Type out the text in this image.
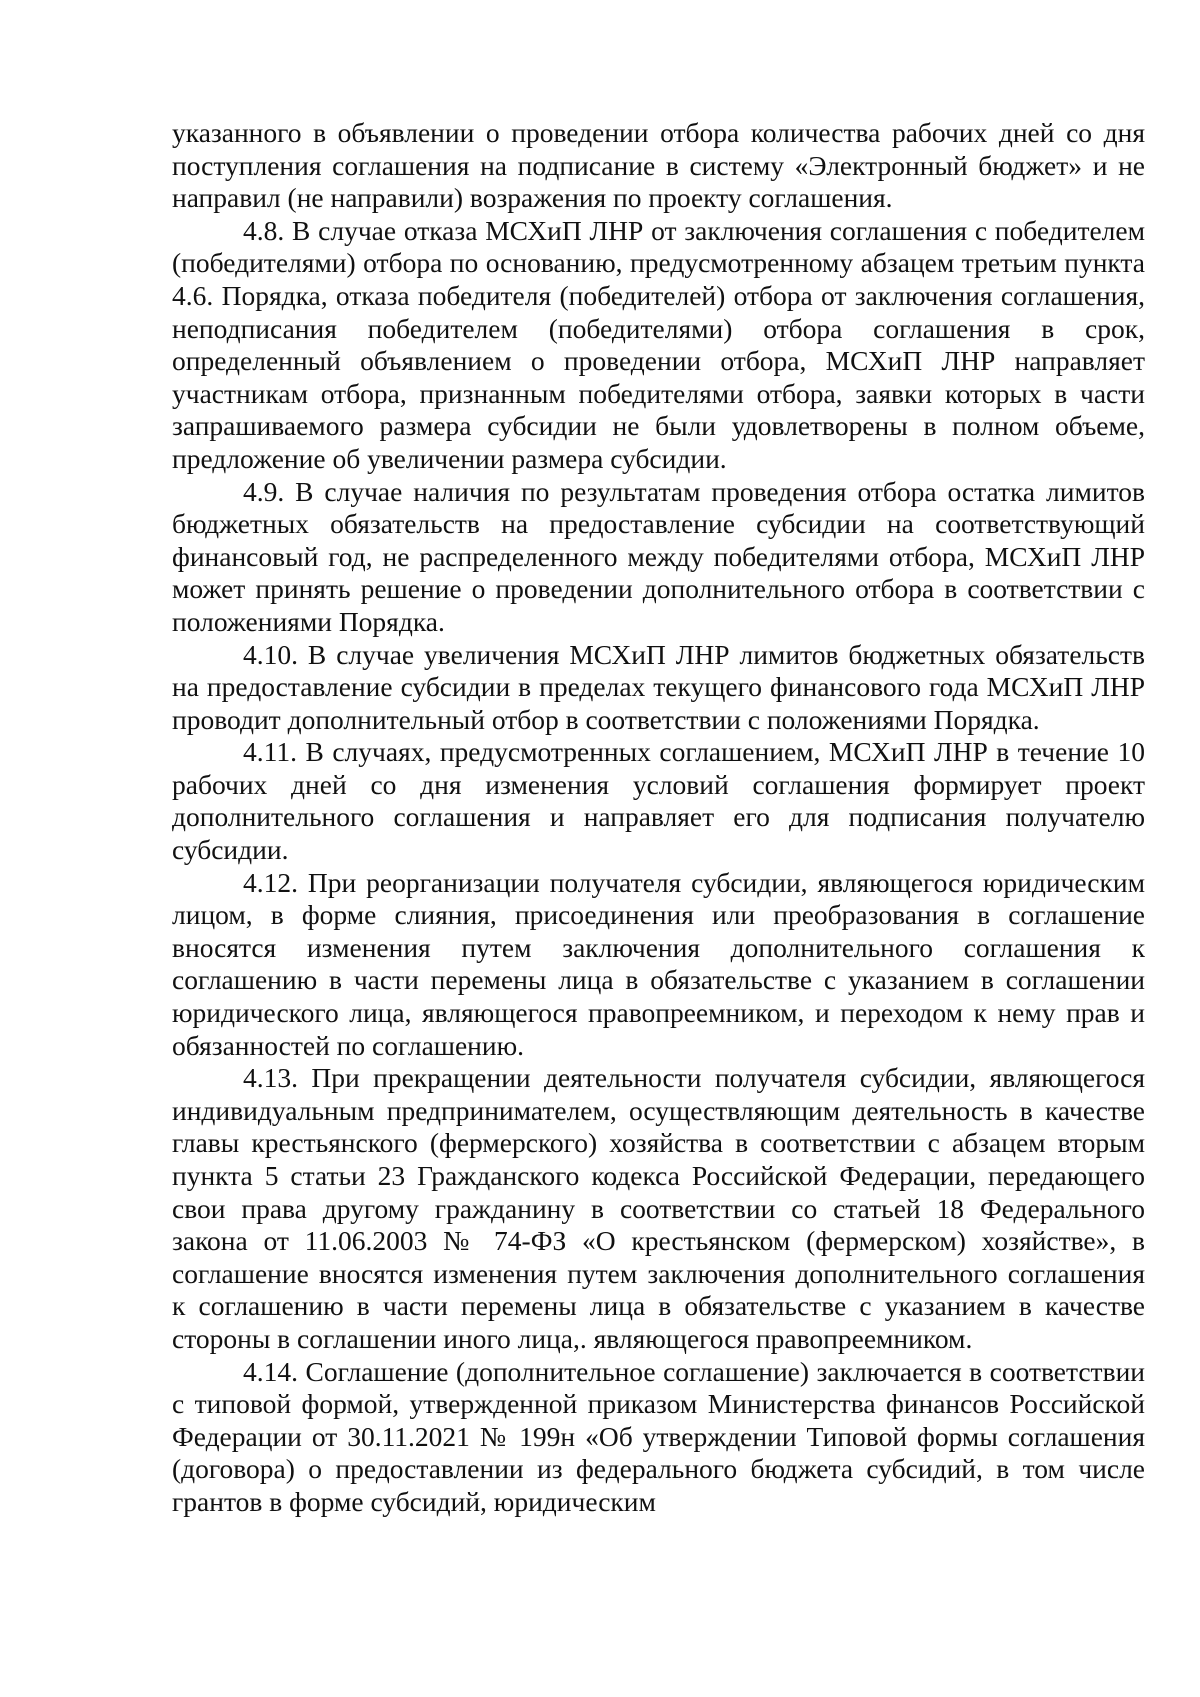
указанного в объявлении о проведении отбора количества рабочих дней со дня поступления соглашения на подписание в систему «Электронный бюджет» и не направил (не направили) возражения по проекту соглашения.

4.8. В случае отказа МСХиП ЛНР от заключения соглашения с победителем (победителями) отбора по основанию, предусмотренному абзацем третьим пункта 4.6. Порядка, отказа победителя (победителей) отбора от заключения соглашения, неподписания победителем (победителями) отбора соглашения в срок, определенный объявлением о проведении отбора, МСХиП ЛНР направляет участникам отбора, признанным победителями отбора, заявки которых в части запрашиваемого размера субсидии не были удовлетворены в полном объеме, предложение об увеличении размера субсидии.

4.9. В случае наличия по результатам проведения отбора остатка лимитов бюджетных обязательств на предоставление субсидии на соответствующий финансовый год, не распределенного между победителями отбора, МСХиП ЛНР может принять решение о проведении дополнительного отбора в соответствии с положениями Порядка.

4.10. В случае увеличения МСХиП ЛНР лимитов бюджетных обязательств на предоставление субсидии в пределах текущего финансового года МСХиП ЛНР проводит дополнительный отбор в соответствии с положениями Порядка.

4.11. В случаях, предусмотренных соглашением, МСХиП ЛНР в течение 10 рабочих дней со дня изменения условий соглашения формирует проект дополнительного соглашения и направляет его для подписания получателю субсидии.

4.12. При реорганизации получателя субсидии, являющегося юридическим лицом, в форме слияния, присоединения или преобразования в соглашение вносятся изменения путем заключения дополнительного соглашения к соглашению в части перемены лица в обязательстве с указанием в соглашении юридического лица, являющегося правопреемником, и переходом к нему прав и обязанностей по соглашению.

4.13. При прекращении деятельности получателя субсидии, являющегося индивидуальным предпринимателем, осуществляющим деятельность в качестве главы крестьянского (фермерского) хозяйства в соответствии с абзацем вторым пункта 5 статьи 23 Гражданского кодекса Российской Федерации, передающего свои права другому гражданину в соответствии со статьей 18 Федерального закона от 11.06.2003 № 74-ФЗ «О крестьянском (фермерском) хозяйстве», в соглашение вносятся изменения путем заключения дополнительного соглашения к соглашению в части перемены лица в обязательстве с указанием в качестве стороны в соглашении иного лица,. являющегося правопреемником.

4.14. Соглашение (дополнительное соглашение) заключается в соответствии с типовой формой, утвержденной приказом Министерства финансов Российской Федерации от 30.11.2021 № 199н «Об утверждении Типовой формы соглашения (договора) о предоставлении из федерального бюджета субсидий, в том числе грантов в форме субсидий, юридическим
